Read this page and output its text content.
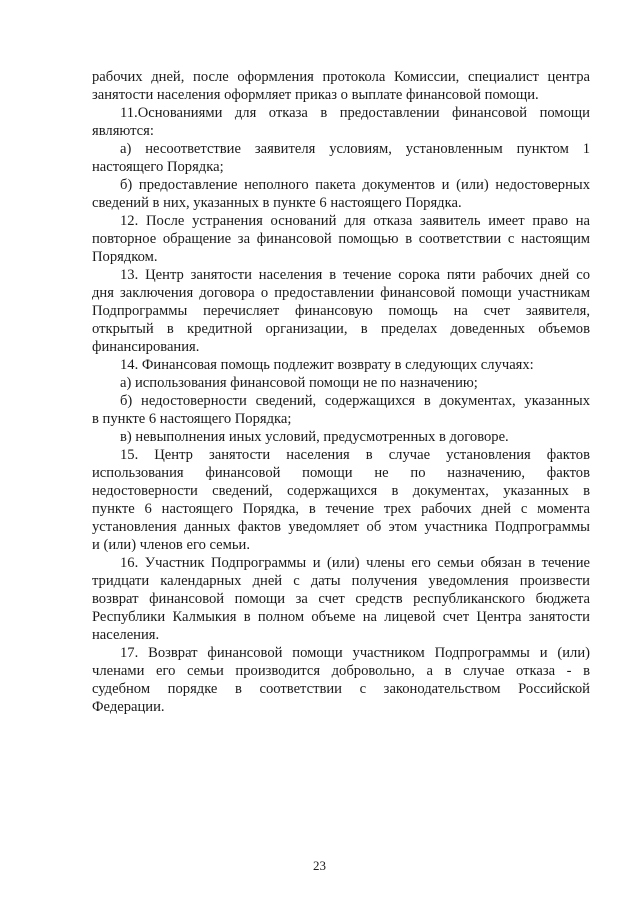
рабочих дней, после оформления протокола Комиссии, специалист центра
занятости населения оформляет приказ о выплате финансовой помощи.
11.Основаниями для отказа в предоставлении финансовой помощи
являются:
а) несоответствие заявителя условиям, установленным пунктом 1
настоящего Порядка;
б) предоставление неполного пакета документов и (или) недостоверных
сведений в них, указанных в пункте 6 настоящего Порядка.
12. После устранения оснований для отказа заявитель имеет право на
повторное обращение за финансовой помощью в соответствии с настоящим
Порядком.
13. Центр занятости населения в течение сорока пяти рабочих дней со
дня заключения договора о предоставлении финансовой помощи участникам
Подпрограммы перечисляет финансовую помощь на счет заявителя,
открытый в кредитной организации, в пределах доведенных объемов
финансирования.
14. Финансовая помощь подлежит возврату в следующих случаях:
а) использования финансовой помощи не по назначению;
б) недостоверности сведений, содержащихся в документах, указанных
в пункте 6 настоящего Порядка;
в) невыполнения иных условий, предусмотренных в договоре.
15. Центр занятости населения в случае установления фактов
использования финансовой помощи не по назначению, фактов
недостоверности сведений, содержащихся в документах, указанных в
пункте 6 настоящего Порядка, в течение трех рабочих дней с момента
установления данных фактов уведомляет об этом участника Подпрограммы
и (или) членов его семьи.
16. Участник Подпрограммы и (или) члены его семьи обязан в течение
тридцати календарных дней с даты получения уведомления произвести
возврат финансовой помощи за счет средств республиканского бюджета
Республики Калмыкия в полном объеме на лицевой счет Центра занятости
населения.
17. Возврат финансовой помощи участником Подпрограммы и (или)
членами его семьи производится добровольно, а в случае отказа - в
судебном порядке в соответствии с законодательством Российской
Федерации.
23
